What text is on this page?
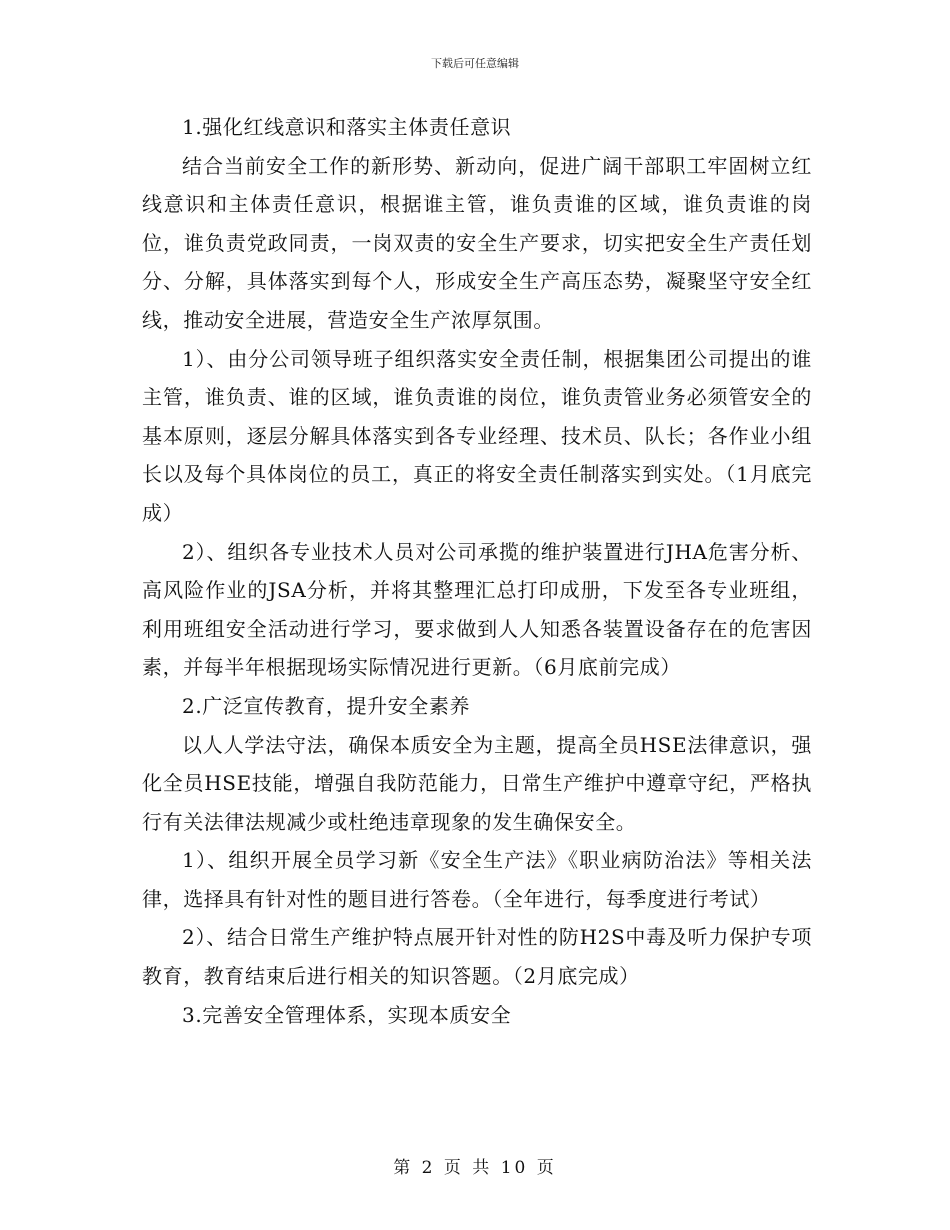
下载后可任意编辑

1.强化红线意识和落实主体责任意识

结合当前安全工作的新形势、新动向，促进广阔干部职工牢固树立红线意识和主体责任意识，根据谁主管，谁负责谁的区域，谁负责谁的岗位，谁负责党政同责，一岗双责的安全生产要求，切实把安全生产责任划分、分解，具体落实到每个人，形成安全生产高压态势，凝聚坚守安全红线，推动安全进展，营造安全生产浓厚氛围。

1）、由分公司领导班子组织落实安全责任制，根据集团公司提出的谁主管，谁负责、谁的区域，谁负责谁的岗位，谁负责管业务必须管安全的基本原则，逐层分解具体落实到各专业经理、技术员、队长；各作业小组长以及每个具体岗位的员工，真正的将安全责任制落实到实处。（1月底完成）

2）、组织各专业技术人员对公司承揽的维护装置进行JHA危害分析、高风险作业的JSA分析，并将其整理汇总打印成册，下发至各专业班组，利用班组安全活动进行学习，要求做到人人知悉各装置设备存在的危害因素，并每半年根据现场实际情况进行更新。（6月底前完成）

2.广泛宣传教育，提升安全素养

以人人学法守法，确保本质安全为主题，提高全员HSE法律意识，强化全员HSE技能，增强自我防范能力，日常生产维护中遵章守纪，严格执行有关法律法规减少或杜绝违章现象的发生确保安全。

1）、组织开展全员学习新《安全生产法》《职业病防治法》等相关法律，选择具有针对性的题目进行答卷。（全年进行，每季度进行考试）

2）、结合日常生产维护特点展开针对性的防H2S中毒及听力保护专项教育，教育结束后进行相关的知识答题。（2月底完成）

3.完善安全管理体系，实现本质安全

第 2 页 共 10 页
